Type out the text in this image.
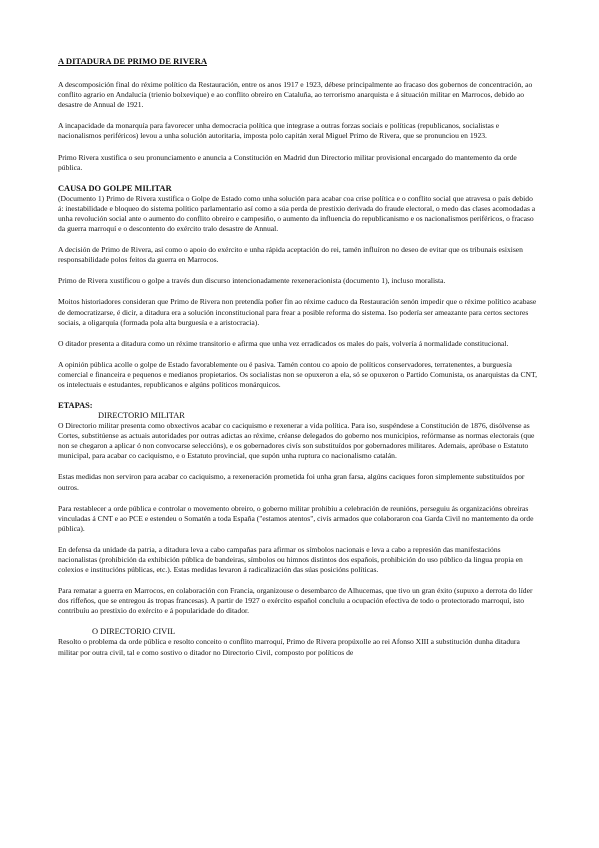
A DITADURA DE PRIMO DE RIVERA

A descomposición final do réxime político da Restauración, entre os anos 1917 e 1923, débese principalmente ao fracaso dos gobernos de concentración, ao conflito agrario en Andalucía (trienio bolxevique) e ao conflito obreiro en Cataluña, ao terrorismo anarquista e á situación militar en Marrocos, debido ao desastre de Annual de 1921.

A incapacidade da monarquía para favorecer unha democracia política que integrase a outras forzas sociais e políticas (republicanos, socialistas e nacionalismos periféricos) levou a unha solución autoritaria, imposta polo capitán xeral Miguel Primo de Rivera, que se pronunciou en 1923.

Primo Rivera xustifica o seu pronunciamento e anuncia a Constitución en Madrid dun Directorio militar provisional encargado do mantemento da orde pública.

CAUSA DO GOLPE MILITAR

(Documento 1) Primo de Rivera xustifica o Golpe de Estado como unha solución para acabar coa crise política e o conflito social que atravesa o país debido á: inestabilidade e bloqueo do sistema político parlamentario así como a súa perda de prestixio derivada do fraude electoral, o medo das clases acomodadas a unha revolución social ante o aumento do conflito obreiro e campesiño, o aumento da influencia do republicanismo e os nacionalismos periféricos, o fracaso da guerra marroquí e o descontento do exército tralo desastre de Annual.

A decisión de Primo de Rivera, así como o apoio do exército e unha rápida aceptación do rei, tamén influíron no deseo de evitar que os tribunais esixisen responsabilidade polos feitos da guerra en Marrocos.

Primo de Rivera xustificou o golpe a través dun discurso intencionadamente rexeneracionista (documento 1), incluso moralista.

Moitos historiadores consideran que Primo de Rivera non pretendía poñer fin ao réxime caduco da Restauración senón impedir que o réxime político acabase de democratizarse, é dicir, a ditadura era a solución inconstitucional para frear a posible reforma do sistema. Iso podería ser ameazante para certos sectores sociais, a oligarquía (formada pola alta burguesía e a aristocracia).

O ditador presenta a ditadura como un réxime transitorio e afirma que unha vez erradicados os males do país, volvería á normalidade constitucional.

A opinión pública acolle o golpe de Estado favorablemente ou é pasiva. Tamén contou co apoio de políticos conservadores, terratenentes, a burguesía comercial e financeira e pequenos e medianos propietarios. Os socialistas non se opuxeron a ela, só se opuxeron o Partido Comunista, os anarquistas da CNT, os intelectuais e estudantes, republicanos e algúns políticos monárquicos.

ETAPAS:
DIRECTORIO MILITAR

O Directorio militar presenta como obxectivos acabar co caciquismo e rexenerar a vida política. Para iso, suspéndese a Constitución de 1876, disólvense as Cortes, substitúense as actuais autoridades por outras adictas ao réxime, créanse delegados do goberno nos municipios, refórmanse as normas electorais (que non se chegaron a aplicar ó non convocarse seleccións), e os gobernadores civís son substituídos por gobernadores militares. Ademais, apróbase o Estatuto municipal, para acabar co caciquismo, e o Estatuto provincial, que supón unha ruptura co nacionalismo catalán.

Estas medidas non serviron para acabar co caciquismo, a rexeneración prometida foi unha gran farsa, algúns caciques foron simplemente substituídos por outros.

Para restablecer a orde pública e controlar o movemento obreiro, o goberno militar prohibiu a celebración de reunións, perseguiu ás organizacións obreiras vinculadas á CNT e ao PCE e estendeu o Somatén a toda España ("estamos atentos", civís armados que colaboraron coa Garda Civil no mantemento da orde pública).

En defensa da unidade da patria, a ditadura leva a cabo campañas para afirmar os símbolos nacionais e leva a cabo a represión das manifestacións nacionalistas (prohibición da exhibición pública de bandeiras, símbolos ou himnos distintos dos españois, prohibición do uso público da lingua propia en colexios e institucións públicas, etc.). Estas medidas levaron á radicalización das súas posicións políticas.

Para rematar a guerra en Marrocos, en colaboración con Francia, organizouse o desembarco de Alhucemas, que tivo un gran éxito (supuxo a derrota do líder dos riffeños, que se entregou ás tropas francesas). A partir de 1927 o exército español concluíu a ocupación efectiva de todo o protectorado marroquí, isto contribuíu ao prestixio do exército e á popularidade do ditador.

O DIRECTORIO CIVIL

Resolto o problema da orde pública e resolto conceito o conflito marroquí, Primo de Rivera propúxolle ao rei Afonso XIII a substitución dunha ditadura militar por outra civil, tal e como sostivo o ditador no Directorio Civil, composto por políticos de
